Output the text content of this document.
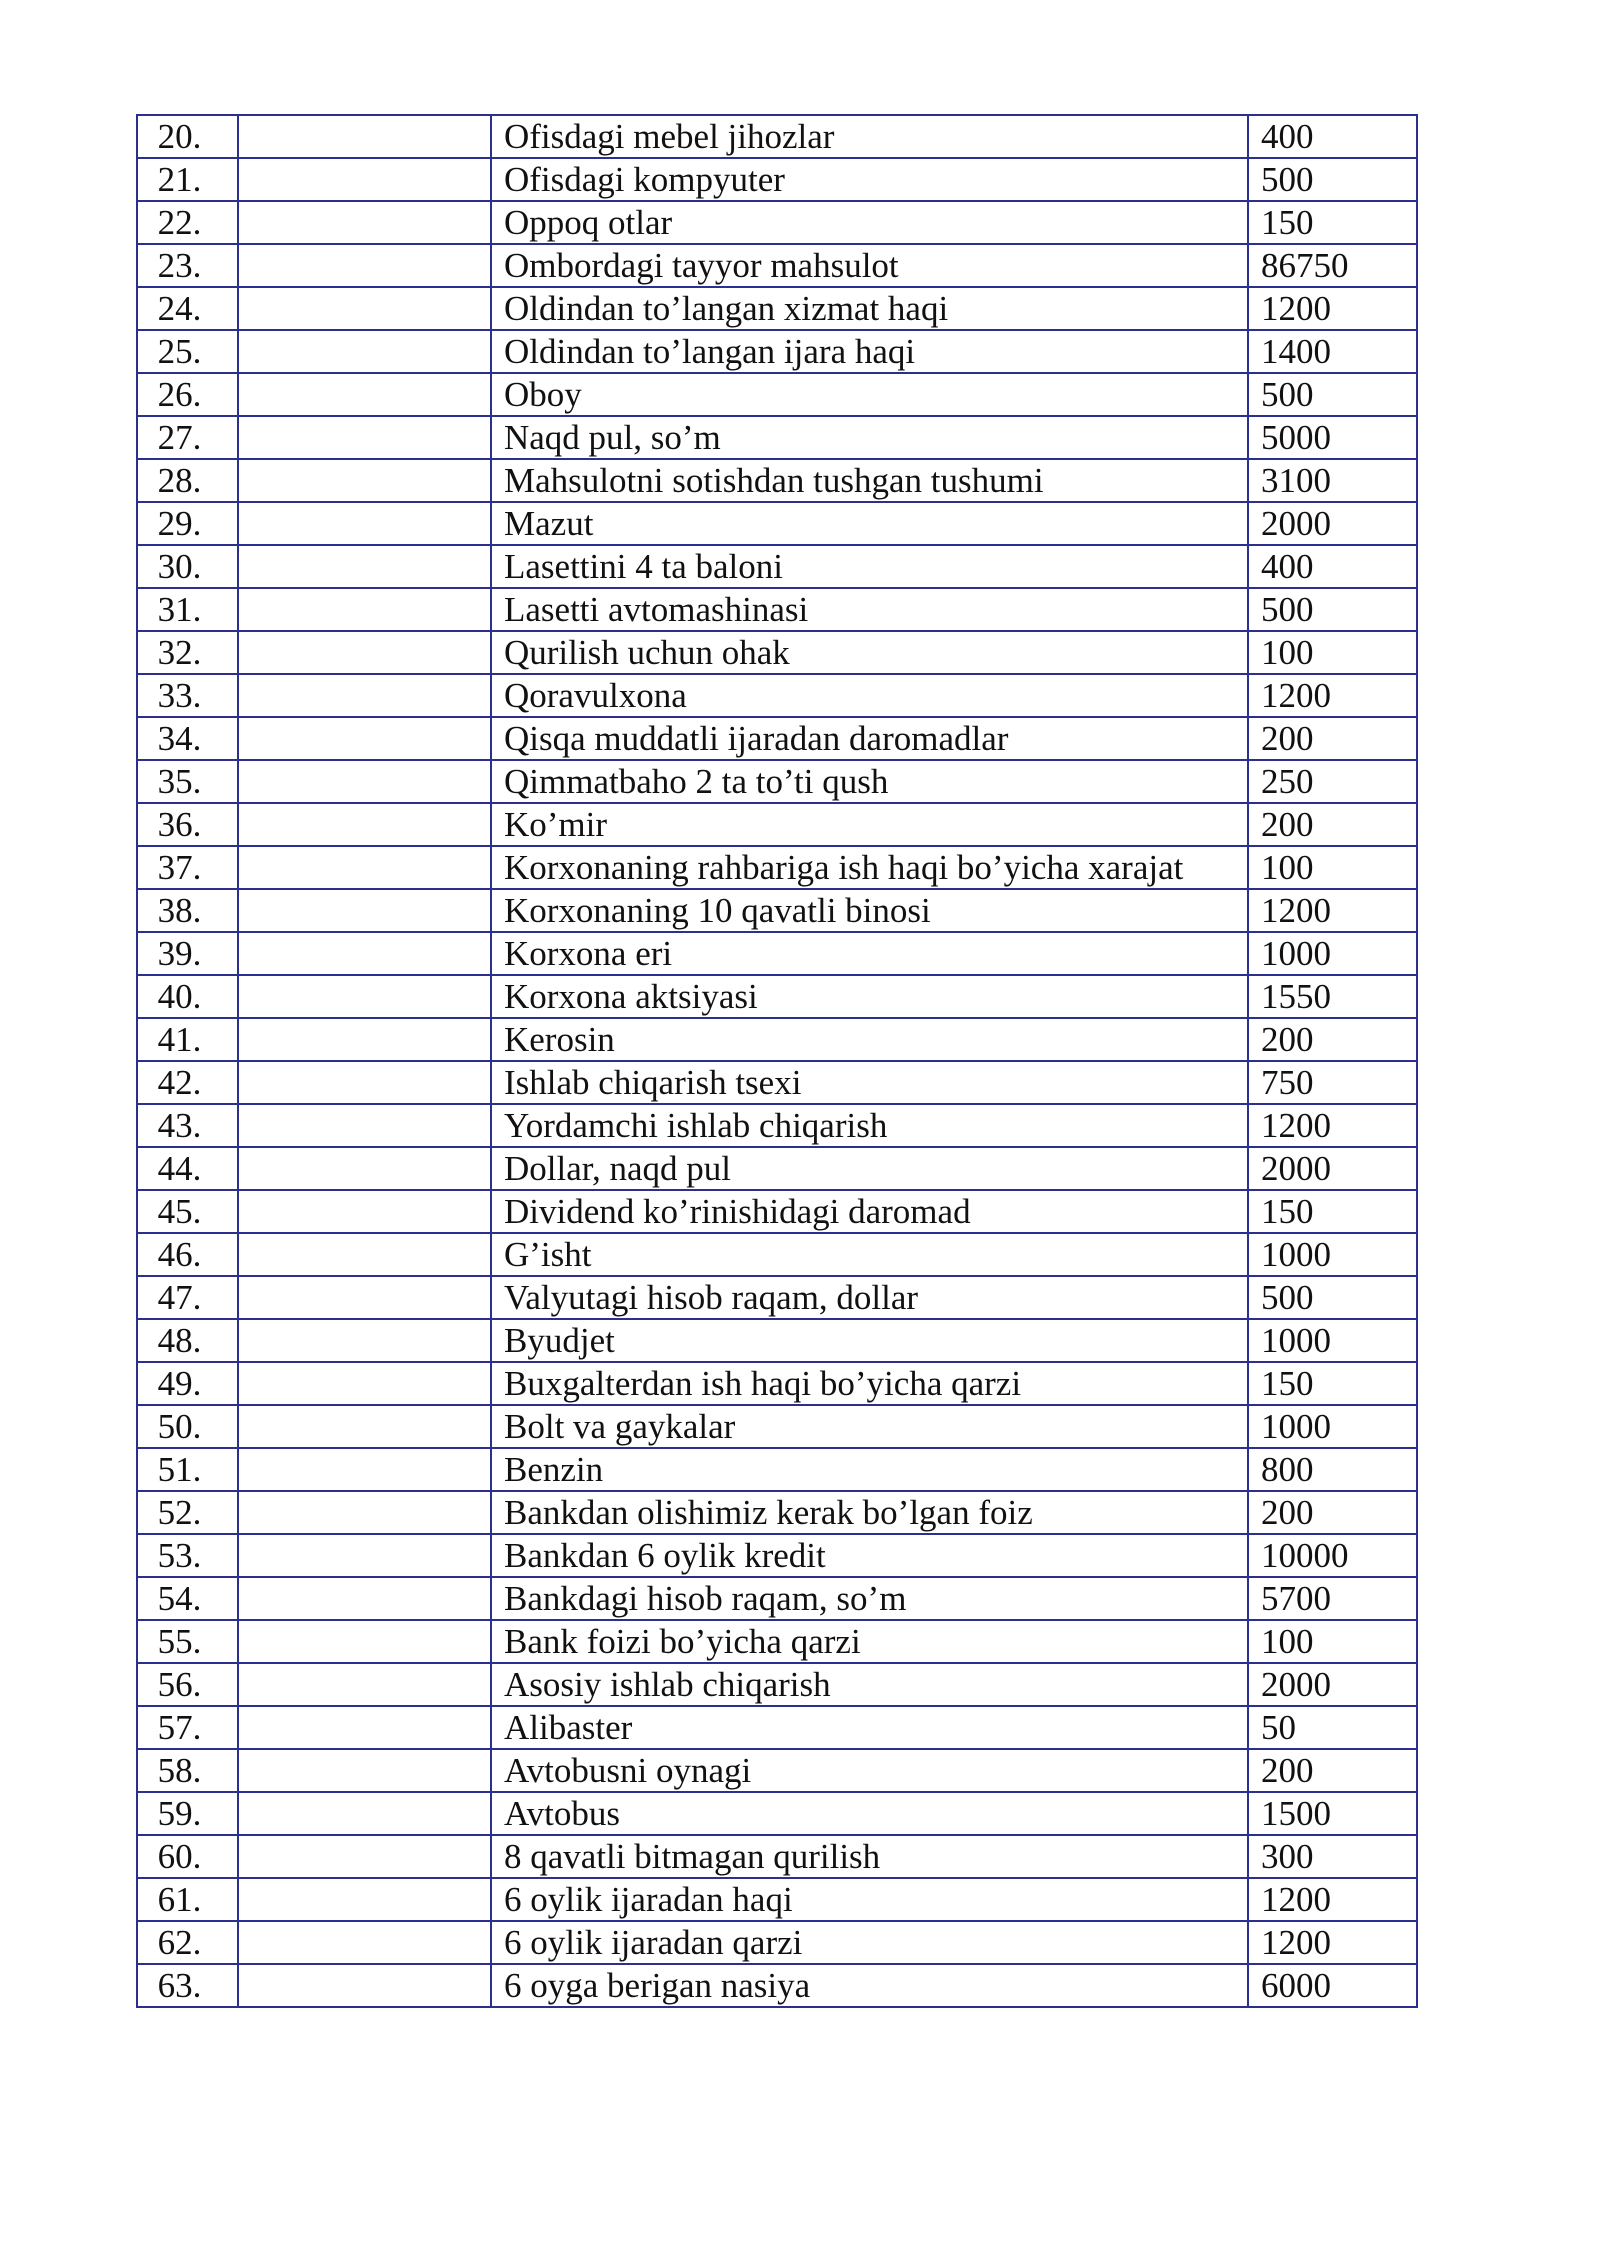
20.		Ofisdagi mebel jihozlar	400
21.		Ofisdagi kompyuter	500
22.		Oppoq otlar	150
23.		Ombordagi tayyor mahsulot	86750
24.		Oldindan to’langan xizmat haqi	1200
25.		Oldindan to’langan ijara haqi	1400
26.		Oboy	500
27.		Naqd pul, so’m	5000
28.		Mahsulotni sotishdan tushgan tushumi	3100
29.		Mazut	2000
30.		Lasettini 4 ta baloni	400
31.		Lasetti avtomashinasi	500
32.		Qurilish uchun ohak	100
33.		Qoravulxona	1200
34.		Qisqa muddatli ijaradan daromadlar	200
35.		Qimmatbaho 2 ta to’ti qush	250
36.		Ko’mir	200
37.		Korxonaning rahbariga ish haqi bo’yicha xarajat	100
38.		Korxonaning 10 qavatli binosi	1200
39.		Korxona eri	1000
40.		Korxona aktsiyasi	1550
41.		Kerosin	200
42.		Ishlab chiqarish tsexi	750
43.		Yordamchi ishlab chiqarish	1200
44.		Dollar, naqd pul	2000
45.		Dividend ko’rinishidagi daromad	150
46.		G’isht	1000
47.		Valyutagi hisob raqam, dollar	500
48.		Byudjet	1000
49.		Buxgalterdan ish haqi bo’yicha qarzi	150
50.		Bolt va gaykalar	1000
51.		Benzin	800
52.		Bankdan olishimiz kerak bo’lgan foiz	200
53.		Bankdan 6 oylik kredit	10000
54.		Bankdagi hisob raqam, so’m	5700
55.		Bank foizi bo’yicha qarzi	100
56.		Asosiy ishlab chiqarish	2000
57.		Alibaster	50
58.		Avtobusni oynagi	200
59.		Avtobus	1500
60.		8 qavatli bitmagan qurilish	300
61.		6 oylik ijaradan haqi	1200
62.		6 oylik ijaradan qarzi	1200
63.		6 oyga berigan nasiya	6000
